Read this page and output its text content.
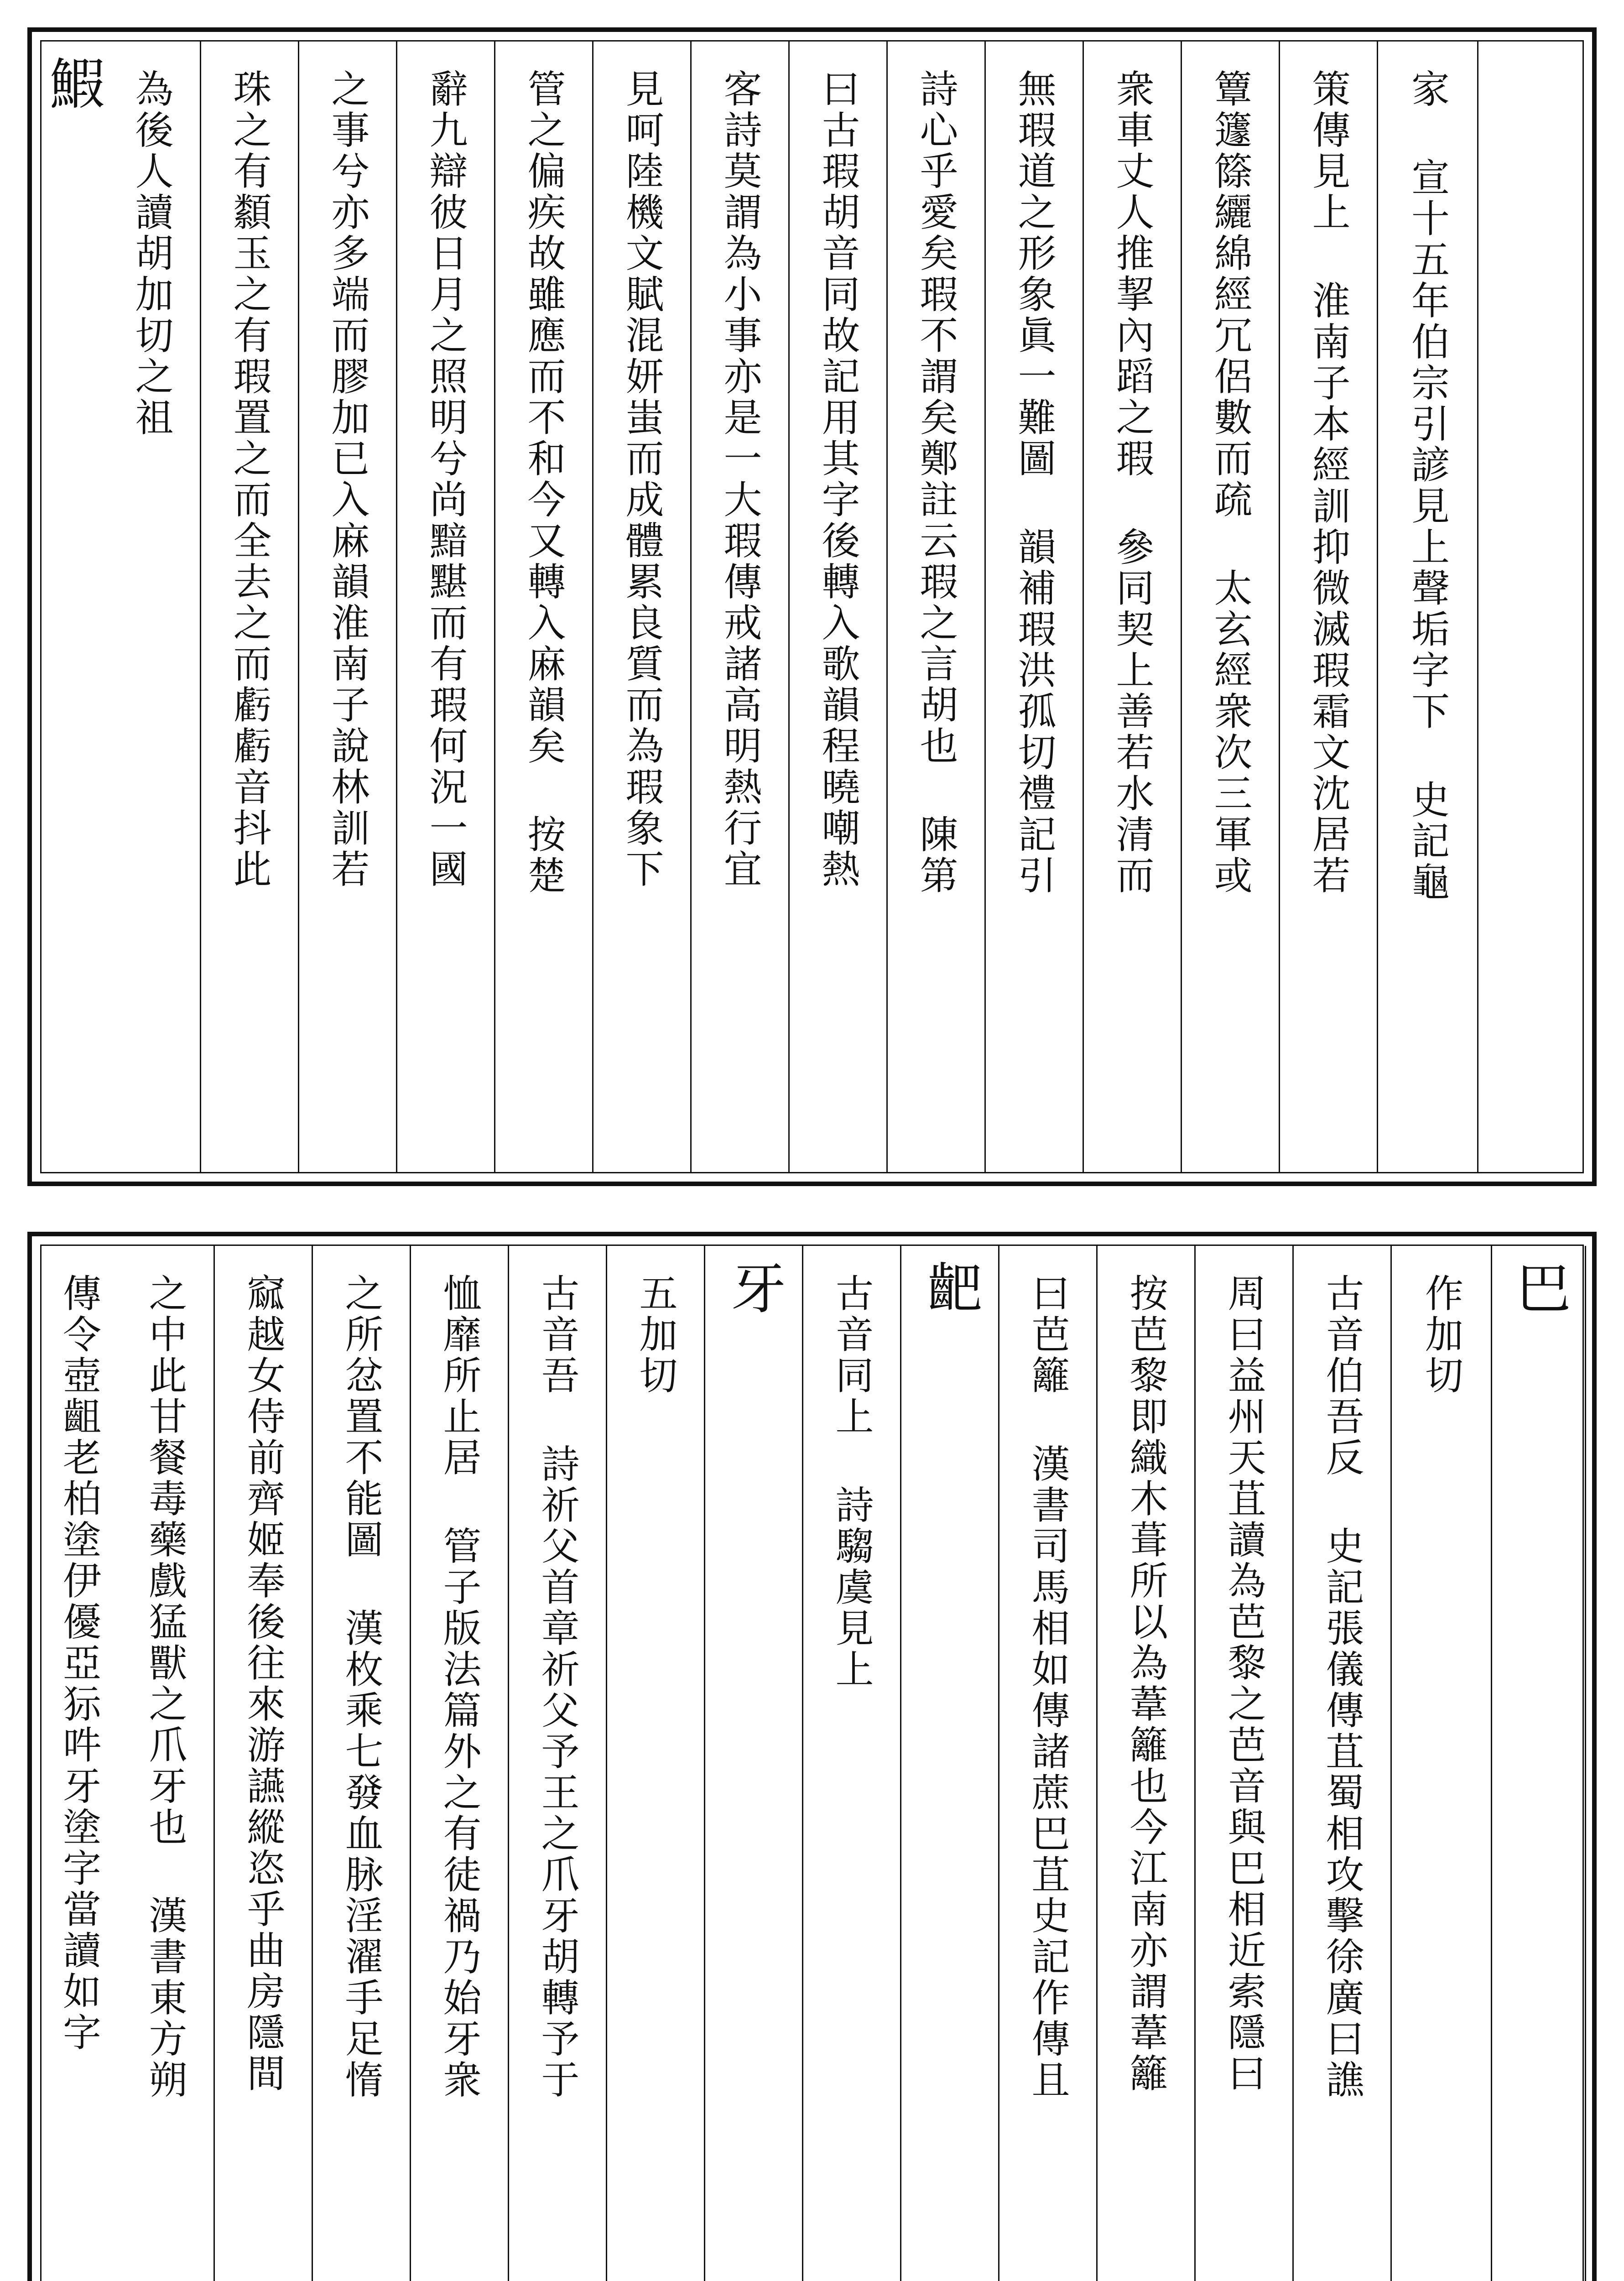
家 宣十五年伯宗引諺見上聲垢字下 史記龜
策傳見上 淮南子本經訓抑微滅瑕霜文沈居若
簟籧篨纚綿經冗侶數而疏 太玄經衆次三軍或
衆車丈人推挈內蹈之瑕 參同契上善若水清而
無瑕道之形象眞一難圖 韻補瑕洪孤切禮記引
詩心乎愛矣瑕不謂矣鄭註云瑕之言胡也 陳第
曰古瑕胡音同故記用其字後轉入歌韻程曉嘲熱
客詩莫謂為小事亦是一大瑕傳戒諸高明熱行宜
見呵陸機文賦混妍蚩而成體累良質而為瑕象下
管之偏疾故雖應而不和今又轉入麻韻矣 按楚
辭九辯彼日月之照明兮尚黯黮而有瑕何況一國
之事兮亦多端而膠加已入麻韻淮南子說林訓若
珠之有纇玉之有瑕置之而全去之而虧虧音抖此
為後人讀胡加切之祖
鰕
巴
作加切
古音伯吾反 史記張儀傳苴蜀相攻擊徐廣曰譙
周曰益州天苴讀為芭黎之芭音與巴相近索隱曰
按芭黎即織木葺所以為葦籬也今江南亦謂葦籬
曰芭籬 漢書司馬相如傳諸蔗巴苴史記作傳且
䶕
古音同上 詩騶虞見上
牙
五加切
古音吾 詩祈父首章祈父予王之爪牙胡轉予于
恤靡所止居 管子版法篇外之有徒禍乃始牙衆
之所忿置不能圖 漢枚乘七發血脉淫濯手足惰
窳越女侍前齊姬奉後往來游讌縱恣乎曲房隱間
之中此甘餐毒藥戲猛獸之爪牙也 漢書東方朔
傳令壺齟老柏塗伊優亞狋吽牙塗字當讀如字
